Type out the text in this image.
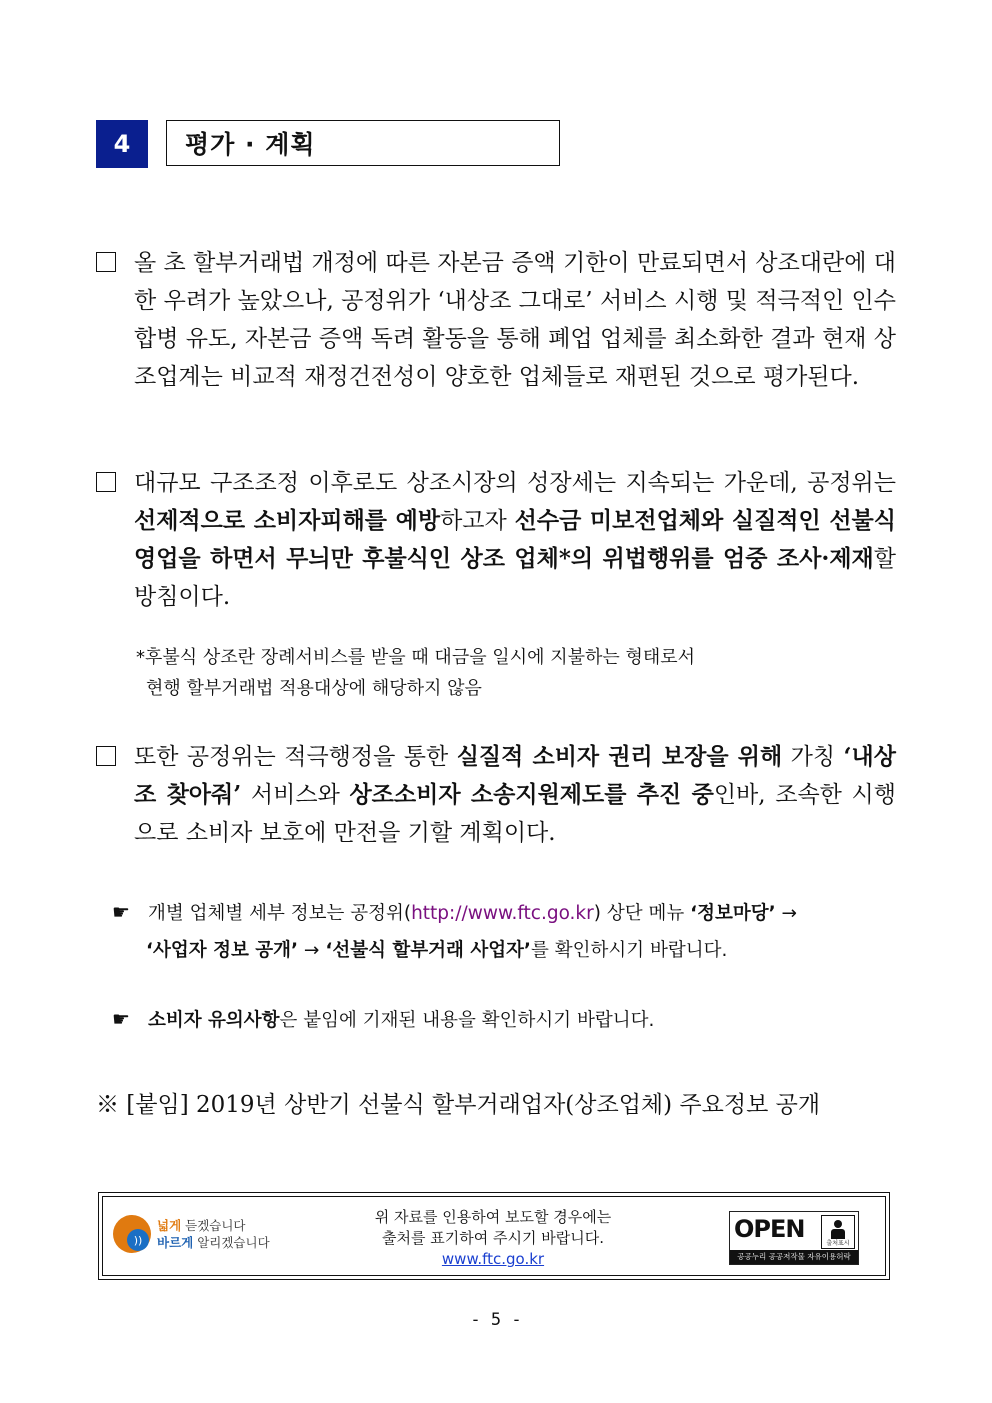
4	평가 · 계획
올 초 할부거래법 개정에 따른 자본금 증액 기한이 만료되면서 상조대란에 대한 우려가 높았으나, 공정위가 ‘내상조 그대로’ 서비스 시행 및 적극적인 인수합병 유도, 자본금 증액 독려 활동을 통해 폐업 업체를 최소화한 결과 현재 상조업계는 비교적 재정건전성이 양호한 업체들로 재편된 것으로 평가된다.
대규모 구조조정 이후로도 상조시장의 성장세는 지속되는 가운데, 공정위는 선제적으로 소비자피해를 예방하고자 선수금 미보전업체와 실질적인 선불식 영업을 하면서 무늬만 후불식인 상조 업체*의 위법행위를 엄중 조사·제재할 방침이다.
*후불식 상조란 장례서비스를 받을 때 대금을 일시에 지불하는 형태로서
현행 할부거래법 적용대상에 해당하지 않음
또한 공정위는 적극행정을 통한 실질적 소비자 권리 보장을 위해 가칭 ‘내상조 찾아줘’ 서비스와 상조소비자 소송지원제도를 추진 중인바, 조속한 시행으로 소비자 보호에 만전을 기할 계획이다.
☛ 개별 업체별 세부 정보는 공정위(http://www.ftc.go.kr) 상단 메뉴 ‘정보마당’ →
‘사업자 정보 공개’ → ‘선불식 할부거래 사업자’를 확인하시기 바랍니다.
☛ 소비자 유의사항은 붙임에 기재된 내용을 확인하시기 바랍니다.
※ [붙임] 2019년 상반기 선불식 할부거래업자(상조업체) 주요정보 공개
))
넓게 듣겠습니다
바르게 알리겠습니다
위 자료를 인용하여 보도할 경우에는
출처를 표기하여 주시기 바랍니다.
www.ftc.go.kr
OPEN
출처표시
공공누리 공공저작물 자유이용허락
- 5 -
